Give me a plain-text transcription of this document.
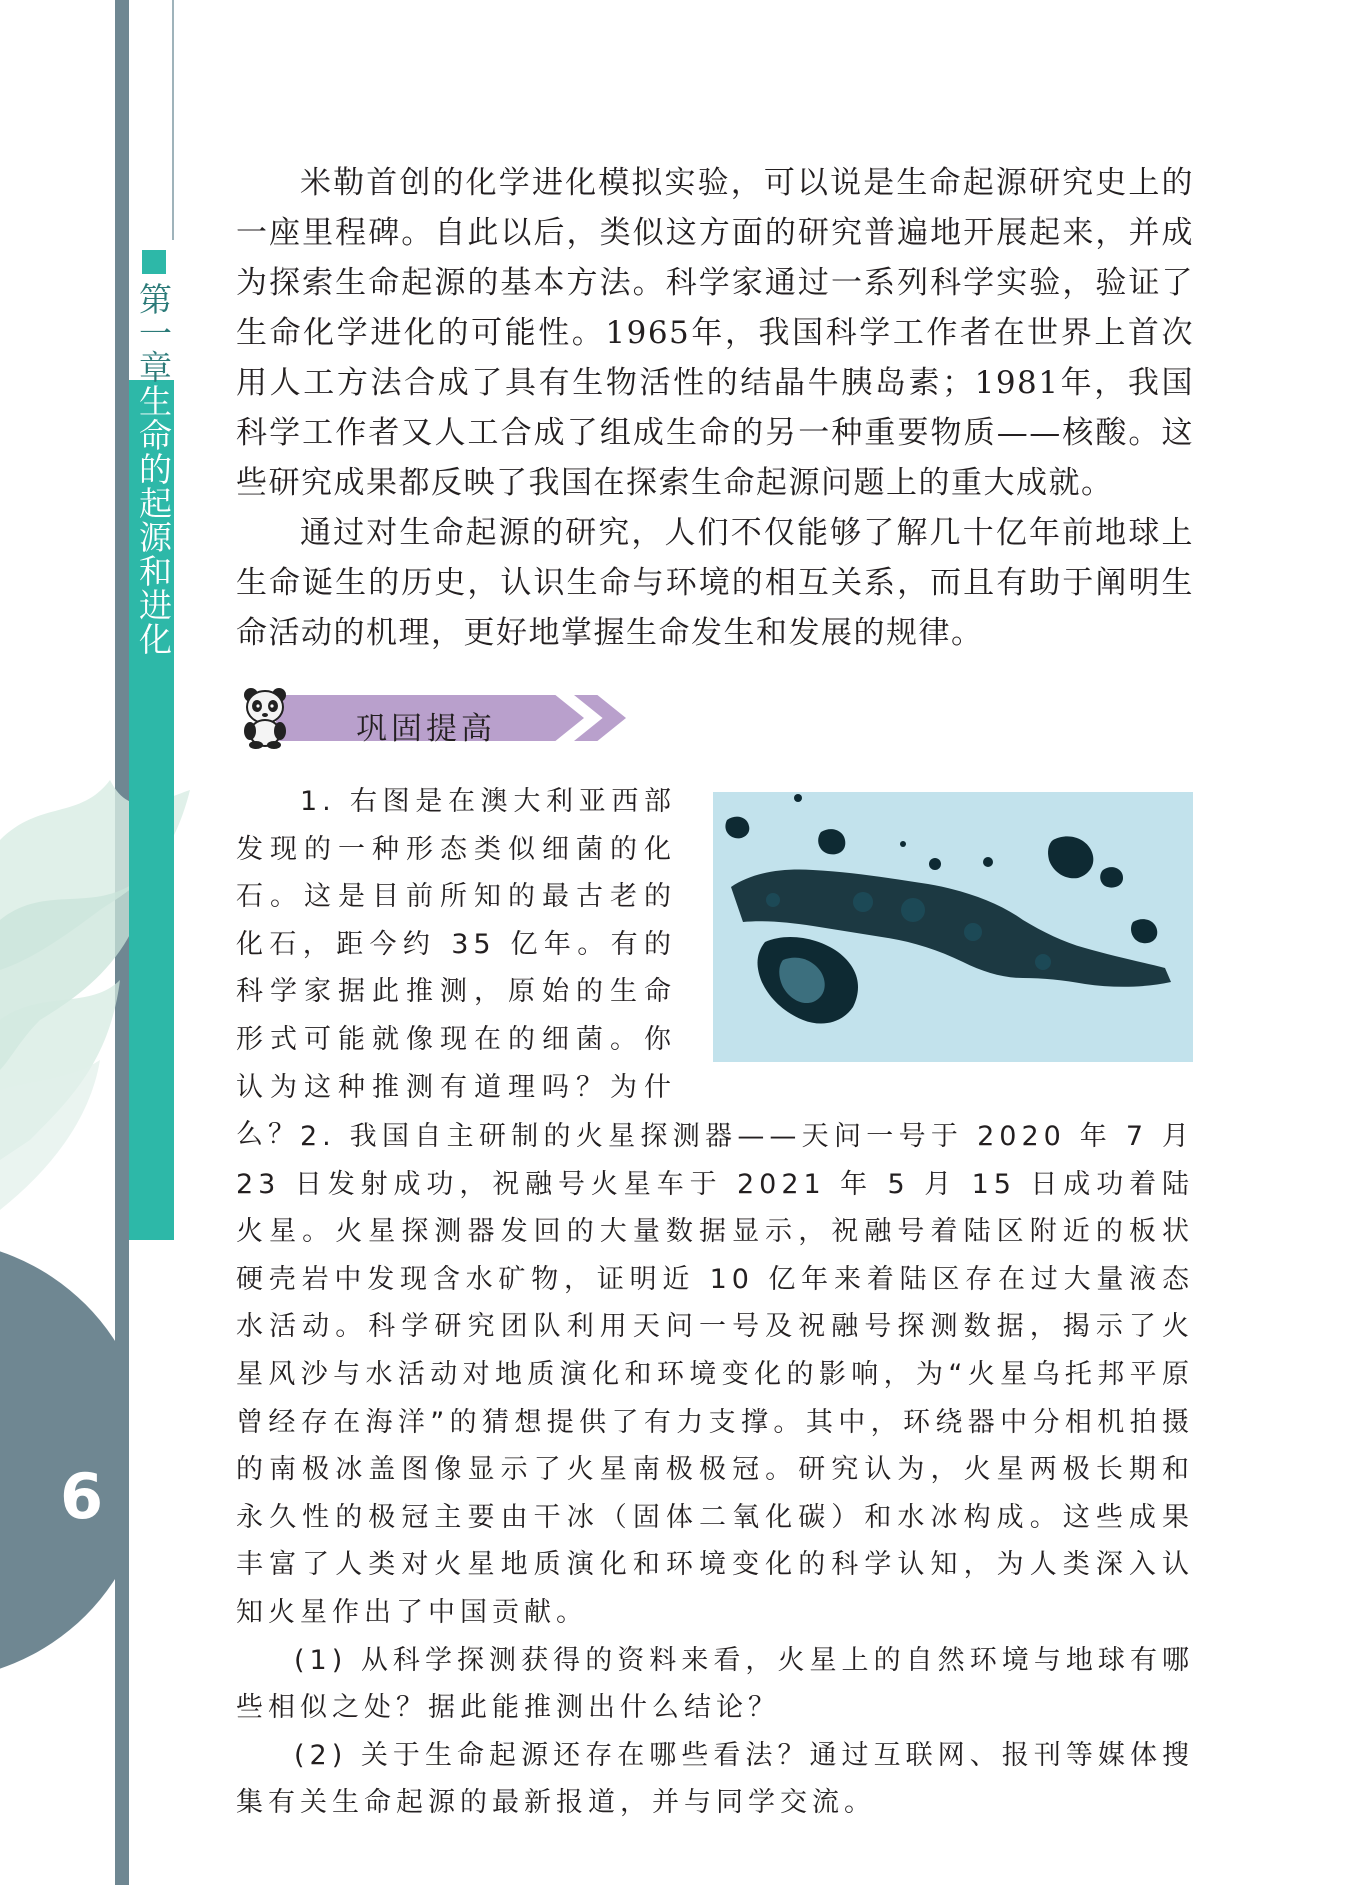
第一章生命的起源和进化
6

米勒首创的化学进化模拟实验，可以说是生命起源研究史上的一座里程碑。自此以后，类似这方面的研究普遍地开展起来，并成为探索生命起源的基本方法。科学家通过一系列科学实验，验证了生命化学进化的可能性。1965年，我国科学工作者在世界上首次用人工方法合成了具有生物活性的结晶牛胰岛素；1981年，我国科学工作者又人工合成了组成生命的另一种重要物质——核酸。这些研究成果都反映了我国在探索生命起源问题上的重大成就。

通过对生命起源的研究，人们不仅能够了解几十亿年前地球上生命诞生的历史，认识生命与环境的相互关系，而且有助于阐明生命活动的机理，更好地掌握生命发生和发展的规律。

巩固提高
1. 右图是在澳大利亚西部发现的一种形态类似细菌的化石。这是目前所知的最古老的化石，距今约 35 亿年。有的科学家据此推测，原始的生命形式可能就像现在的细菌。你认为这种推测有道理吗？为什么？ 2. 我国自主研制的火星探测器——天问一号于 2020 年 7 月 23 日发射成功，祝融号火星车于 2021 年 5 月 15 日成功着陆火星。火星探测器发回的大量数据显示，祝融号着陆区附近的板状硬壳岩中发现含水矿物，证明近 10 亿年来着陆区存在过大量液态水活动。科学研究团队利用天问一号及祝融号探测数据，揭示了火星风沙与水活动对地质演化和环境变化的影响，为“火星乌托邦平原曾经存在海洋”的猜想提供了有力支撑。其中，环绕器中分相机拍摄的南极冰盖图像显示了火星南极极冠。研究认为，火星两极长期和永久性的极冠主要由干冰（固体二氧化碳）和水冰构成。这些成果丰富了人类对火星地质演化和环境变化的科学认知，为人类深入认知火星作出了中国贡献。
(1) 从科学探测获得的资料来看，火星上的自然环境与地球有哪些相似之处？据此能推测出什么结论？
(2) 关于生命起源还存在哪些看法？通过互联网、报刊等媒体搜集有关生命起源的最新报道，并与同学交流。
